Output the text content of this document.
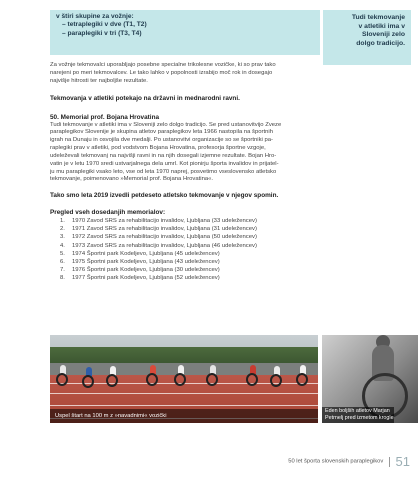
v štiri skupine za vožnje:
– tetraplegiki v dve (T1, T2)
– paraplegiki v tri (T3, T4)
Tudi tekmovanje
v atletiki ima v
Sloveniji zelo
dolgo tradicijo.
Za vožnje tekmovalci uporabljajo posebne specialne trikolesne vozičke, ki so prav tako
narejeni po meri tekmovalcev. Le tako lahko v popolnosti izrabijo moč rok in dosegajo
najvišje hitrosti ter najboljše rezultate.
Tekmovanja v atletiki potekajo na državni in mednarodni ravni.
50. Memorial prof. Bojana Hrovatina
Tudi tekmovanje v atletiki ima v Sloveniji zelo dolgo tradicijo. Še pred ustanovitvijo Zveze
paraplegikov Slovenije je skupina atletov paraplegikov leta 1966 nastopila na športnih
igrah na Dunaju in osvojila dve medalji. Po ustanovitvi organizacije so se športniki pa-
raplegiki prav v atletiki, pod vodstvom Bojana Hrovatina, profesorja športne vzgoje,
udeleževali tekmovanj na najvišji ravni in na njih dosegali izjemne rezultate. Bojan Hro-
vatin je v letu 1970 sredi ustvarjalnega dela umrl. Kot pionirju športa invalidov in prijatel-
ju mu paraplegiki vsako leto, vse od leta 1970 naprej, posvetimo vseslovensko atletsko
tekmovanje, poimenovano »Memorial prof. Bojana Hrovatina«.
Tako smo leta 2019 izvedli petdeseto atletsko tekmovanje v njegov spomin.
Pregled vseh dosedanjih memorialov:
1. 1970 Zavod SRS za rehabilitacijo invalidov, Ljubljana (33 udeležencev)
2. 1971 Zavod SRS za rehabilitacijo invalidov, Ljubljana (31 udeležencev)
3. 1972 Zavod SRS za rehabilitacijo invalidov, Ljubljana (50 udeležencev)
4. 1973 Zavod SRS za rehabilitacijo invalidov, Ljubljana (46 udeležencev)
5. 1974 Športni park Kodeljevo, Ljubljana (45 udeležencev)
6. 1975 Športni park Kodeljevo, Ljubljana (43 udeležencev)
7. 1976 Športni park Kodeljevo, Ljubljana (30 udeležencev)
8. 1977 Športni park Kodeljevo, Ljubljana (52 udeležencev)
Uspel štart na 100 m z »navadnimi« vozički
Eden boljših atletov Marjan
Petrnelj pred izmetom krogle
50 let športa slovenskih paraplegikov 51
